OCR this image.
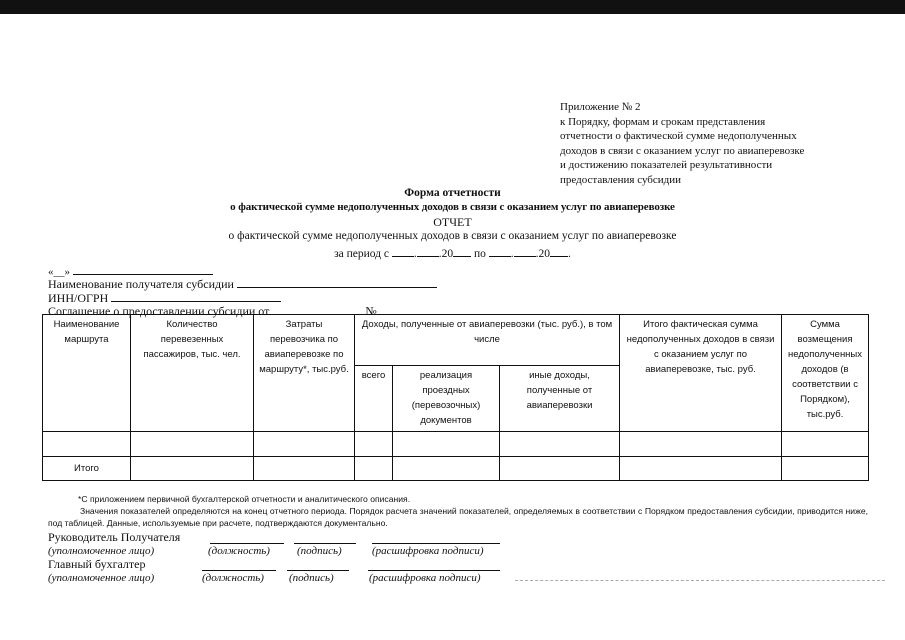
Приложение № 2
к Порядку, формам и срокам представления
отчетности о фактической сумме недополученных
доходов в связи с оказанием услуг по авиаперевозке
и достижению показателей результативности
предоставления субсидии
Форма отчетности
о фактической сумме недополученных доходов в связи с оказанием услуг по авиаперевозке
ОТЧЕТ
о фактической сумме недополученных доходов в связи с оказанием услуг по авиаперевозке
за период с . .20 по . .20 .
«__»
Наименование получателя субсидии
ИНН/ОГРН
Соглашение о предоставлении субсидии от	№
Наименование маршрута	Количество перевезенных пассажиров, тыс. чел.	Затраты перевозчика по авиаперевозке по маршруту*, тыс.руб.	Доходы, полученные от авиаперевозки (тыс. руб.), в том числе			Итого фактическая сумма недополученных доходов в связи с оказанием услуг по авиаперевозке, тыс. руб.	Сумма возмещения недополученных доходов (в соответствии с Порядком), тыс.руб.
			всего	реализация проездных (перевозочных) документов	иные доходы, полученные от авиаперевозки		

Итого							
*С приложением первичной бухгалтерской отчетности и аналитического описания.
Значения показателей определяются на конец отчетного периода. Порядок расчета значений показателей, определяемых в соответствии с Порядком предоставления субсидии, приводится ниже, под таблицей. Данные, используемые при расчете, подтверждаются документально.
Руководитель Получателя
(уполномоченное лицо)	(должность) (подпись)	(расшифровка подписи)
Главный бухгалтер
(уполномоченное лицо)	(должность) (подпись)	(расшифровка подписи)
